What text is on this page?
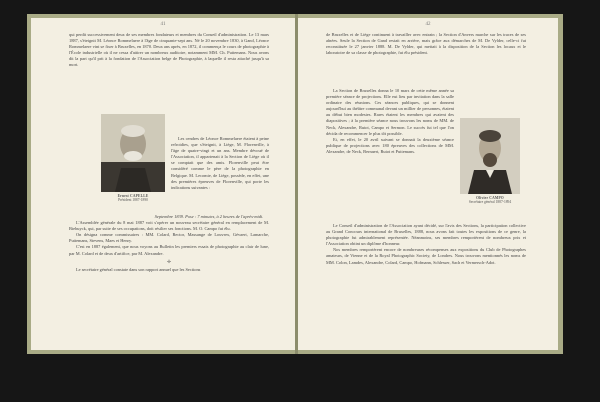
41

qui perdit successivement deux de ses membres fondateurs et membres du Conseil d'administration. Le 13 mars 1887, s'éteignit M. Léonce Rommelaere à l'âge de cinquante-sept ans. Né le 20 novembre 1830, à Gand, Léonce Rommelaere vint se fixer à Bruxelles, en 1870. Deux ans après, en 1872, il commença le cours de photographie à l'École industrielle où il ne cessa d'attirer un nombreux auditoire, notamment MM. Ch. Puttemans. Nous avons dit la part qu'il prit à la fondation de l'Association belge de Photographie, à laquelle il resta attaché jusqu'à sa mort.

Ernest CAPELLE
Président 1887-1890

Les cendres de Léonce Rommelaere étaient à peine refroidies, que s'éteignit, à Liège, M. Florenville, à l'âge de quatre-vingt et un ans. Membre dévoué de l'Association, il appartenait à la Section de Liège où il se comptait que des amis. Florenville peut être considéré comme le père de la photographie en Belgique. M. Lecomte, de Liège, possède, en effet, une des premières épreuves de Florenville, qui porte les indications suivantes :

Septembre 1839. Pose : 7 minutes, à 2 heures de l'après-midi.

L'Assemblée générale du 8 mai 1887 voit s'opérer un nouveau secrétaire général en remplacement de M. Biebuyck, qui, par suite de ses occupations, doit résilier ses fonctions. M. O. Campo fut élu.

On désigna comme commissaires : MM. Colard, Rector, Massange de Louvrex, Gévaert, Lamarche, Puttemans, Stevens, Maes et Henry.

C'est en 1887 également, que nous voyons au Bulletin les premiers essais de photographie au clair de lune, par M. Colard et de deux d'artifice, par M. Alexandre.

✢

Le secrétaire général constate dans son rapport annuel que les Sections

42

de Bruxelles et de Liège continuent à travailler avec entrain ; la Section d'Anvers marche sur les traces de ses aînées. Seule la Section de Gand restait en arrière, mais grâce aux démarches de M. De Vylder, celle-ci fut reconstituée le 27 janvier 1888. M. De Vylder, qui mettait à la disposition de la Section les locaux et le laboratoire de sa classe de photographie, fut élu président.

La Section de Bruxelles donna le 10 mars de cette même année sa première séance de projections. Elle eut lieu par invitation dans la salle ordinaire des réunions. Ces séances publiques, qui se donnent aujourd'hui au théâtre communal devant un millier de personnes, étaient au début bien modestes. Rares étaient les membres qui avaient des diapositives ; à la première séance nous trouvons les noms de MM. de Neck, Alexandre, Rutot, Campo et Sermon. Le succès fut tel que l'on décida de recommencer le plus tôt possible.

Et, en effet, le 20 avril suivant se donnait la deuxième séance publique de projections avec 180 épreuves des collections de MM. Alexandre, de Neck, Bernaert, Rutot et Puttemans.

Olivier CAMPO
Secrétaire général 1887-1894

Le Conseil d'administration de l'Association ayant décidé, sur l'avis des Sections, la participation collective au Grand Concours international de Bruxelles, 1888, nous avons fait toutes les expositions de ce genre, la photographie fut admirablement représentée. Néanmoins, ses membres remportèrent de nombreux prix et l'Association obtint un diplôme d'honneur.

Nos membres remportèrent encore de nombreuses récompenses aux expositions du Club de Photographes amateurs, de Vienne et de la Royal Photographic Society, de Londres. Nous trouvons mentionnés les noms de MM. Colon, Lamdes, Alexandre, Colard, Campo, Hofmann, Schlesser, Sach et Vermersch-Adot.
